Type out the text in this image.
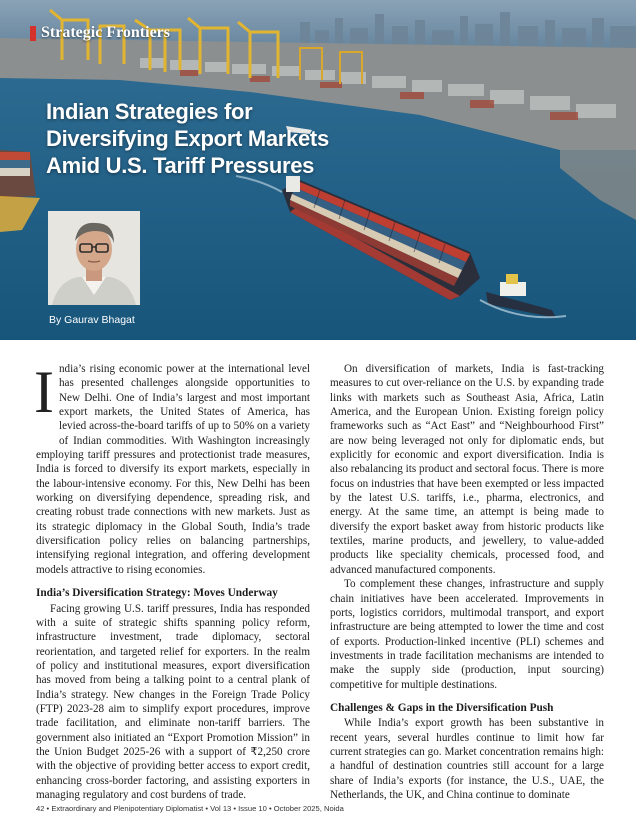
Strategic Frontiers
Indian Strategies for
Diversifying Export Markets
Amid U.S. Tariff Pressures
By Gaurav Bhagat

India’s rising economic power at the international level has presented challenges alongside opportunities to New Delhi. One of India’s largest and most important export markets, the United States of America, has levied across-the-board tariffs of up to 50% on a variety of Indian commodities. With Washington increasingly employing tariff pressures and protectionist trade measures, India is forced to diversify its export markets, especially in the labour-intensive economy. For this, New Delhi has been working on diversifying dependence, spreading risk, and creating robust trade connections with new markets. Just as its strategic diplomacy in the Global South, India’s trade diversification policy relies on balancing partnerships, intensifying regional integration, and offering development models attractive to rising economies.

India’s Diversification Strategy: Moves Underway

Facing growing U.S. tariff pressures, India has responded with a suite of strategic shifts spanning policy reform, infrastructure investment, trade diplomacy, sectoral reorientation, and targeted relief for exporters. In the realm of policy and institutional measures, export diversification has moved from being a talking point to a central plank of India’s strategy. New changes in the Foreign Trade Policy (FTP) 2023-28 aim to simplify export procedures, improve trade facilitation, and eliminate non-tariff barriers. The government also initiated an “Export Promotion Mission” in the Union Budget 2025-26 with a support of ₹2,250 crore with the objective of providing better access to export credit, enhancing cross-border factoring, and assisting exporters in managing regulatory and cost burdens of trade.

On diversification of markets, India is fast-tracking measures to cut over-reliance on the U.S. by expanding trade links with markets such as Southeast Asia, Africa, Latin America, and the European Union. Existing foreign policy frameworks such as “Act East” and “Neighbourhood First” are now being leveraged not only for diplomatic ends, but explicitly for economic and export diversification. India is also rebalancing its product and sectoral focus. There is more focus on industries that have been exempted or less impacted by the latest U.S. tariffs, i.e., pharma, electronics, and energy. At the same time, an attempt is being made to diversify the export basket away from historic products like textiles, marine products, and jewellery, to value-added products like speciality chemicals, processed food, and advanced manufactured components.

To complement these changes, infrastructure and supply chain initiatives have been accelerated. Improvements in ports, logistics corridors, multimodal transport, and export infrastructure are being attempted to lower the time and cost of exports. Production-linked incentive (PLI) schemes and investments in trade facilitation mechanisms are intended to make the supply side (production, input sourcing) competitive for multiple destinations.

Challenges & Gaps in the Diversification Push

While India’s export growth has been substantive in recent years, several hurdles continue to limit how far current strategies can go. Market concentration remains high: a handful of destination countries still account for a large share of India’s exports (for instance, the U.S., UAE, the Netherlands, the UK, and China continue to dominate

42 • Extraordinary and Plenipotentiary Diplomatist • Vol 13 • Issue 10 • October 2025, Noida
